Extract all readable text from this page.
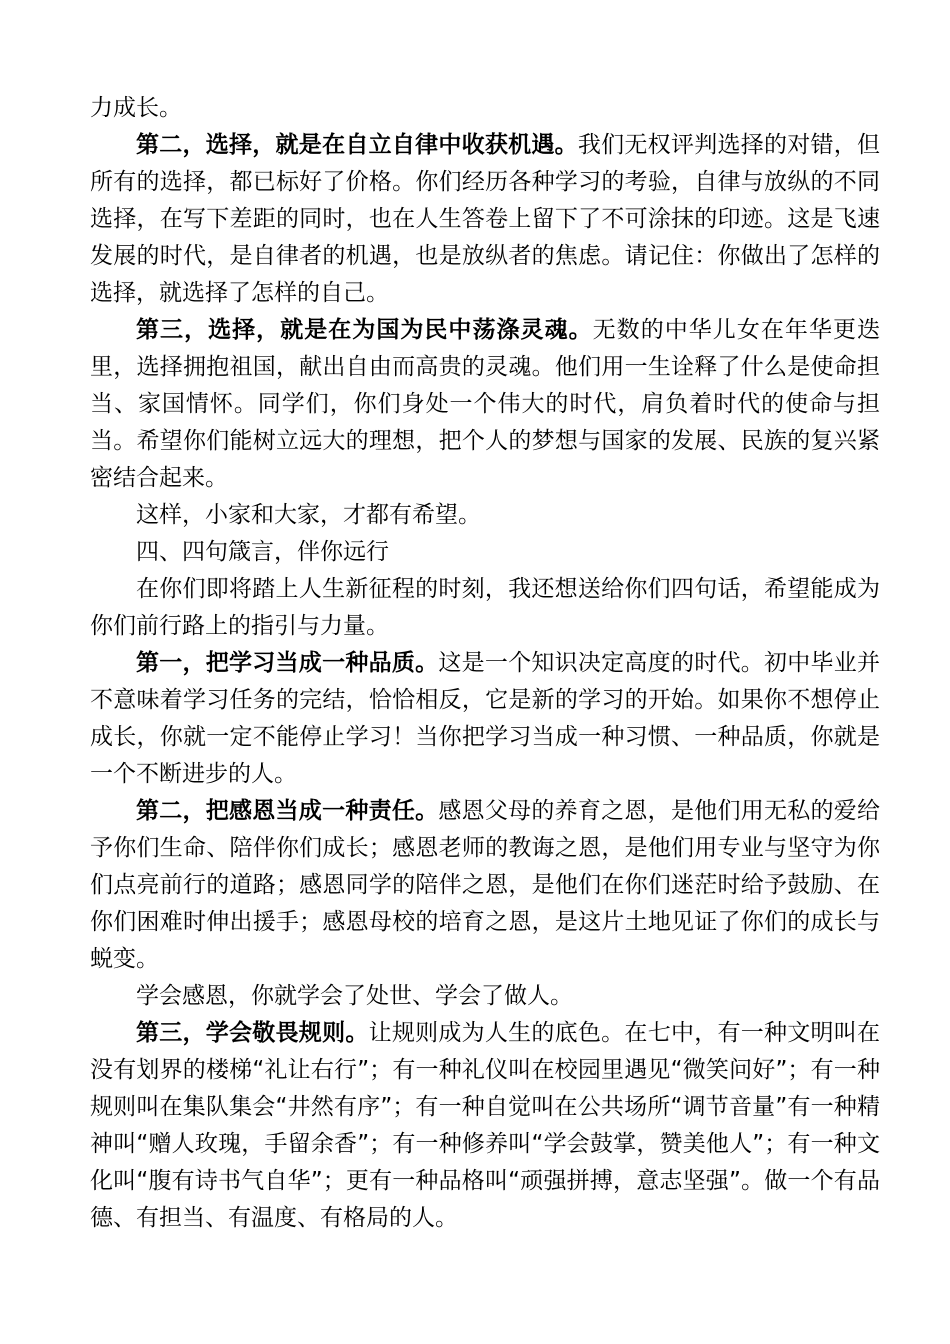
力成长。

第二，选择，就是在自立自律中收获机遇。我们无权评判选择的对错，但所有的选择，都已标好了价格。你们经历各种学习的考验，自律与放纵的不同选择，在写下差距的同时，也在人生答卷上留下了不可涂抹的印迹。这是飞速发展的时代，是自律者的机遇，也是放纵者的焦虑。请记住：你做出了怎样的选择，就选择了怎样的自己。

第三，选择，就是在为国为民中荡涤灵魂。无数的中华儿女在年华更迭里，选择拥抱祖国，献出自由而高贵的灵魂。他们用一生诠释了什么是使命担当、家国情怀。同学们，你们身处一个伟大的时代，肩负着时代的使命与担当。希望你们能树立远大的理想，把个人的梦想与国家的发展、民族的复兴紧密结合起来。

这样，小家和大家，才都有希望。

四、四句箴言，伴你远行

在你们即将踏上人生新征程的时刻，我还想送给你们四句话，希望能成为你们前行路上的指引与力量。

第一，把学习当成一种品质。这是一个知识决定高度的时代。初中毕业并不意味着学习任务的完结，恰恰相反，它是新的学习的开始。如果你不想停止成长，你就一定不能停止学习！当你把学习当成一种习惯、一种品质，你就是一个不断进步的人。

第二，把感恩当成一种责任。感恩父母的养育之恩，是他们用无私的爱给予你们生命、陪伴你们成长；感恩老师的教诲之恩，是他们用专业与坚守为你们点亮前行的道路；感恩同学的陪伴之恩，是他们在你们迷茫时给予鼓励、在你们困难时伸出援手；感恩母校的培育之恩，是这片土地见证了你们的成长与蜕变。

学会感恩，你就学会了处世、学会了做人。

第三，学会敬畏规则。让规则成为人生的底色。在七中，有一种文明叫在没有划界的楼梯“礼让右行”；有一种礼仪叫在校园里遇见“微笑问好”；有一种规则叫在集队集会“井然有序”；有一种自觉叫在公共场所“调节音量”有一种精神叫“赠人玫瑰，手留余香”；有一种修养叫“学会鼓掌，赞美他人”；有一种文化叫“腹有诗书气自华”；更有一种品格叫“顽强拼搏，意志坚强”。做一个有品德、有担当、有温度、有格局的人。
